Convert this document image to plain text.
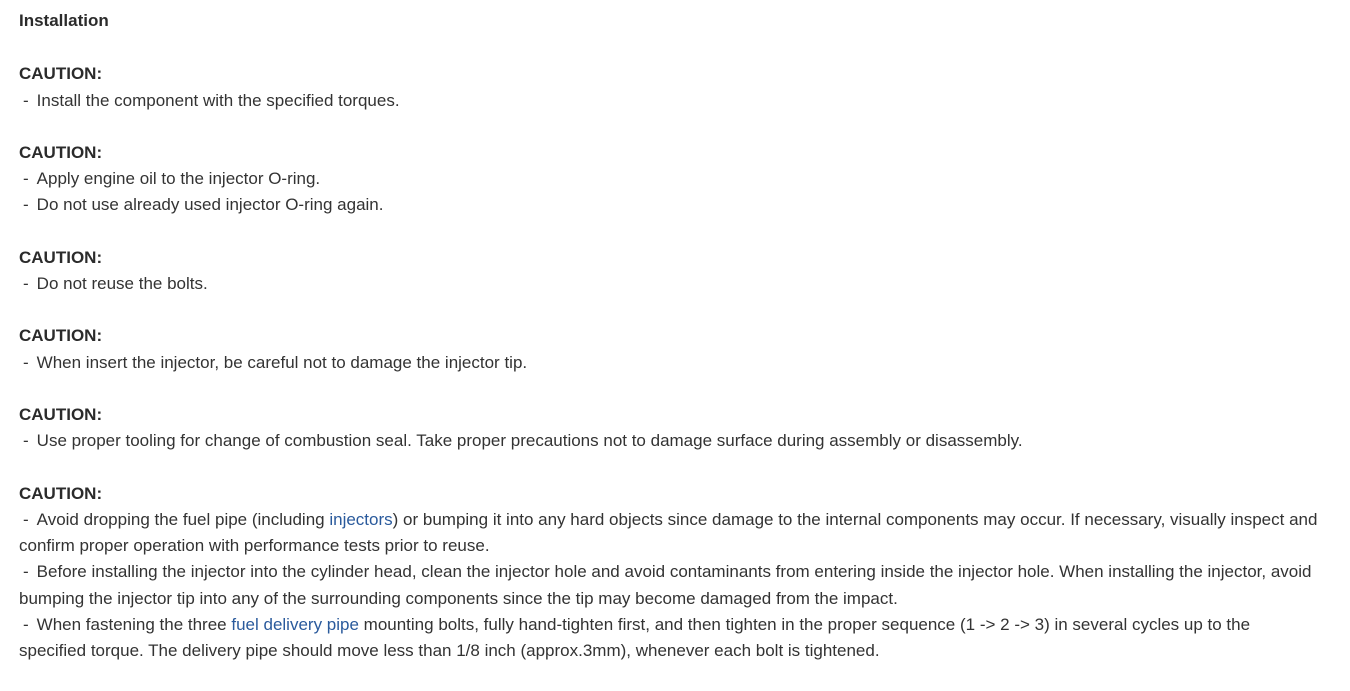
Installation
CAUTION:
- Install the component with the specified torques.
CAUTION:
- Apply engine oil to the injector O-ring.
- Do not use already used injector O-ring again.
CAUTION:
- Do not reuse the bolts.
CAUTION:
- When insert the injector, be careful not to damage the injector tip.
CAUTION:
- Use proper tooling for change of combustion seal. Take proper precautions not to damage surface during assembly or disassembly.
CAUTION:
- Avoid dropping the fuel pipe (including injectors) or bumping it into any hard objects since damage to the internal components may occur. If necessary, visually inspect and confirm proper operation with performance tests prior to reuse.
- Before installing the injector into the cylinder head, clean the injector hole and avoid contaminants from entering inside the injector hole. When installing the injector, avoid bumping the injector tip into any of the surrounding components since the tip may become damaged from the impact.
- When fastening the three fuel delivery pipe mounting bolts, fully hand-tighten first, and then tighten in the proper sequence (1 -> 2 -> 3) in several cycles up to the specified torque. The delivery pipe should move less than 1/8 inch (approx.3mm), whenever each bolt is tightened.
